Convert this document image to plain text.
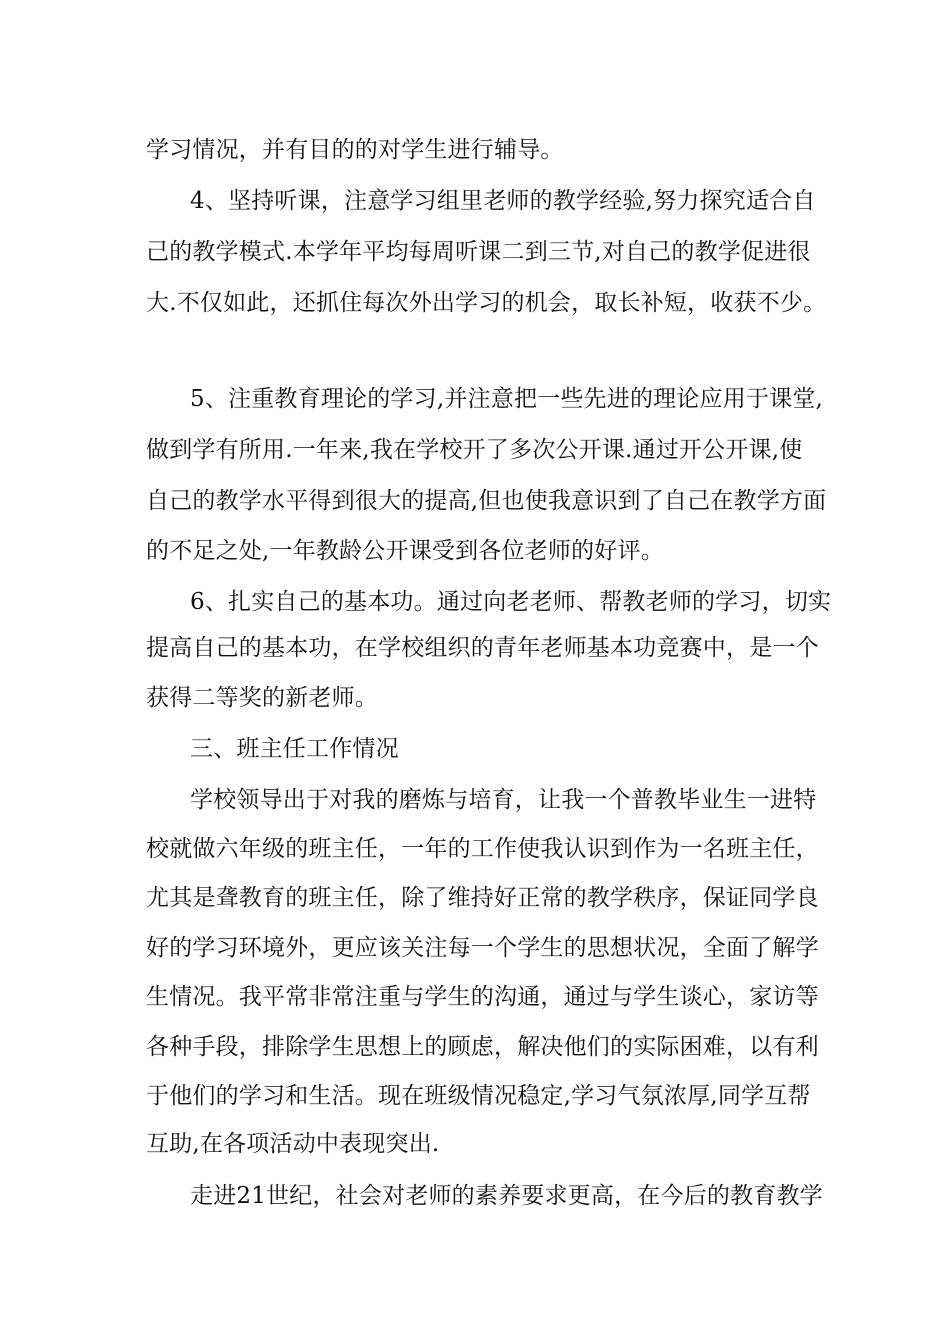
学习情况，并有目的的对学生进行辅导。

4、坚持听课，注意学习组里老师的教学经验,努力探究适合自

己的教学模式.本学年平均每周听课二到三节,对自己的教学促进很

大.不仅如此，还抓住每次外出学习的机会，取长补短，收获不少。

5、注重教育理论的学习,并注意把一些先进的理论应用于课堂,

做到学有所用.一年来,我在学校开了多次公开课.通过开公开课,使

自己的教学水平得到很大的提高,但也使我意识到了自己在教学方面

的不足之处,一年教龄公开课受到各位老师的好评。

6、扎实自己的基本功。通过向老老师、帮教老师的学习，切实

提高自己的基本功，在学校组织的青年老师基本功竞赛中，是一个

获得二等奖的新老师。

三、班主任工作情况

学校领导出于对我的磨炼与培育，让我一个普教毕业生一进特

校就做六年级的班主任，一年的工作使我认识到作为一名班主任，

尤其是聋教育的班主任，除了维持好正常的教学秩序，保证同学良

好的学习环境外，更应该关注每一个学生的思想状况，全面了解学

生情况。我平常非常注重与学生的沟通，通过与学生谈心，家访等

各种手段，排除学生思想上的顾虑，解决他们的实际困难，以有利

于他们的学习和生活。现在班级情况稳定,学习气氛浓厚,同学互帮

互助,在各项活动中表现突出.

走进21世纪，社会对老师的素养要求更高，在今后的教育教学
